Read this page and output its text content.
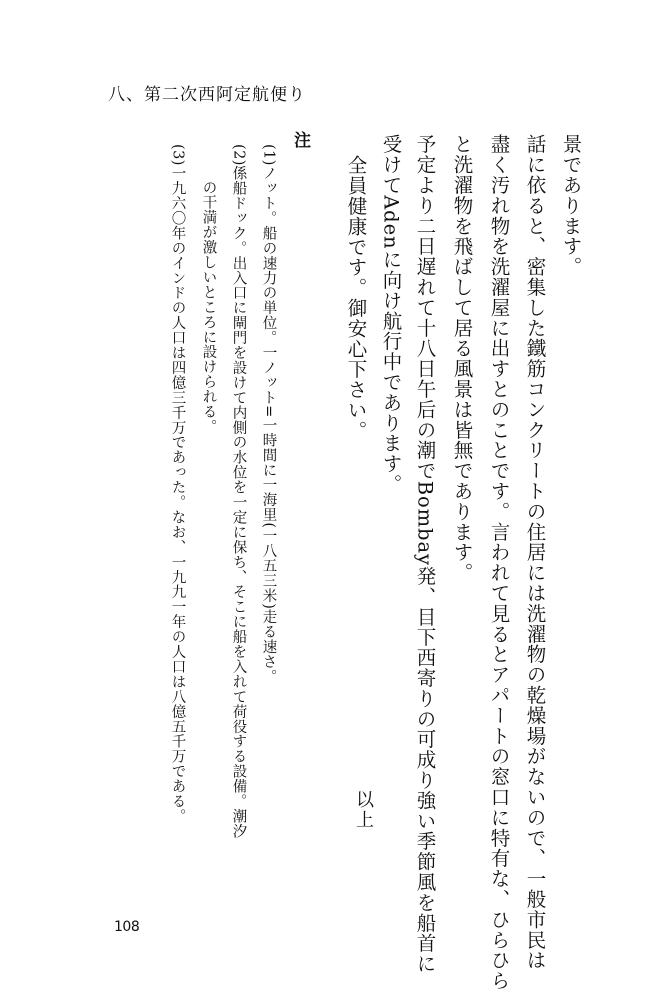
八、第二次西阿定航便り
景であります。
話に依ると、密集した鐵筋コンクリートの住居には洗濯物の乾燥場がないので、一般市民は
盡く汚れ物を洗濯屋に出すとのことです。言われて見るとアパートの窓口に特有な、ひらひら
と洗濯物を飛ばして居る風景は皆無であります。
予定より二日遅れて十八日午后の潮でBombay発、目下西寄りの可成り強い季節風を船首に
受けてAdenに向け航行中であります。
全員健康です。御安心下さい。
以上
注
(1)ノット。船の速力の単位。一ノット=一時間に一海里(一八五三米)走る速さ。
(2)係船ドック。出入口に閘門を設けて内側の水位を一定に保ち、そこに船を入れて荷役する設備。潮汐
の干満が激しいところに設けられる。
(3)一九六〇年のインドの人口は四億三千万であった。なお、一九九一年の人口は八億五千万である。
108
